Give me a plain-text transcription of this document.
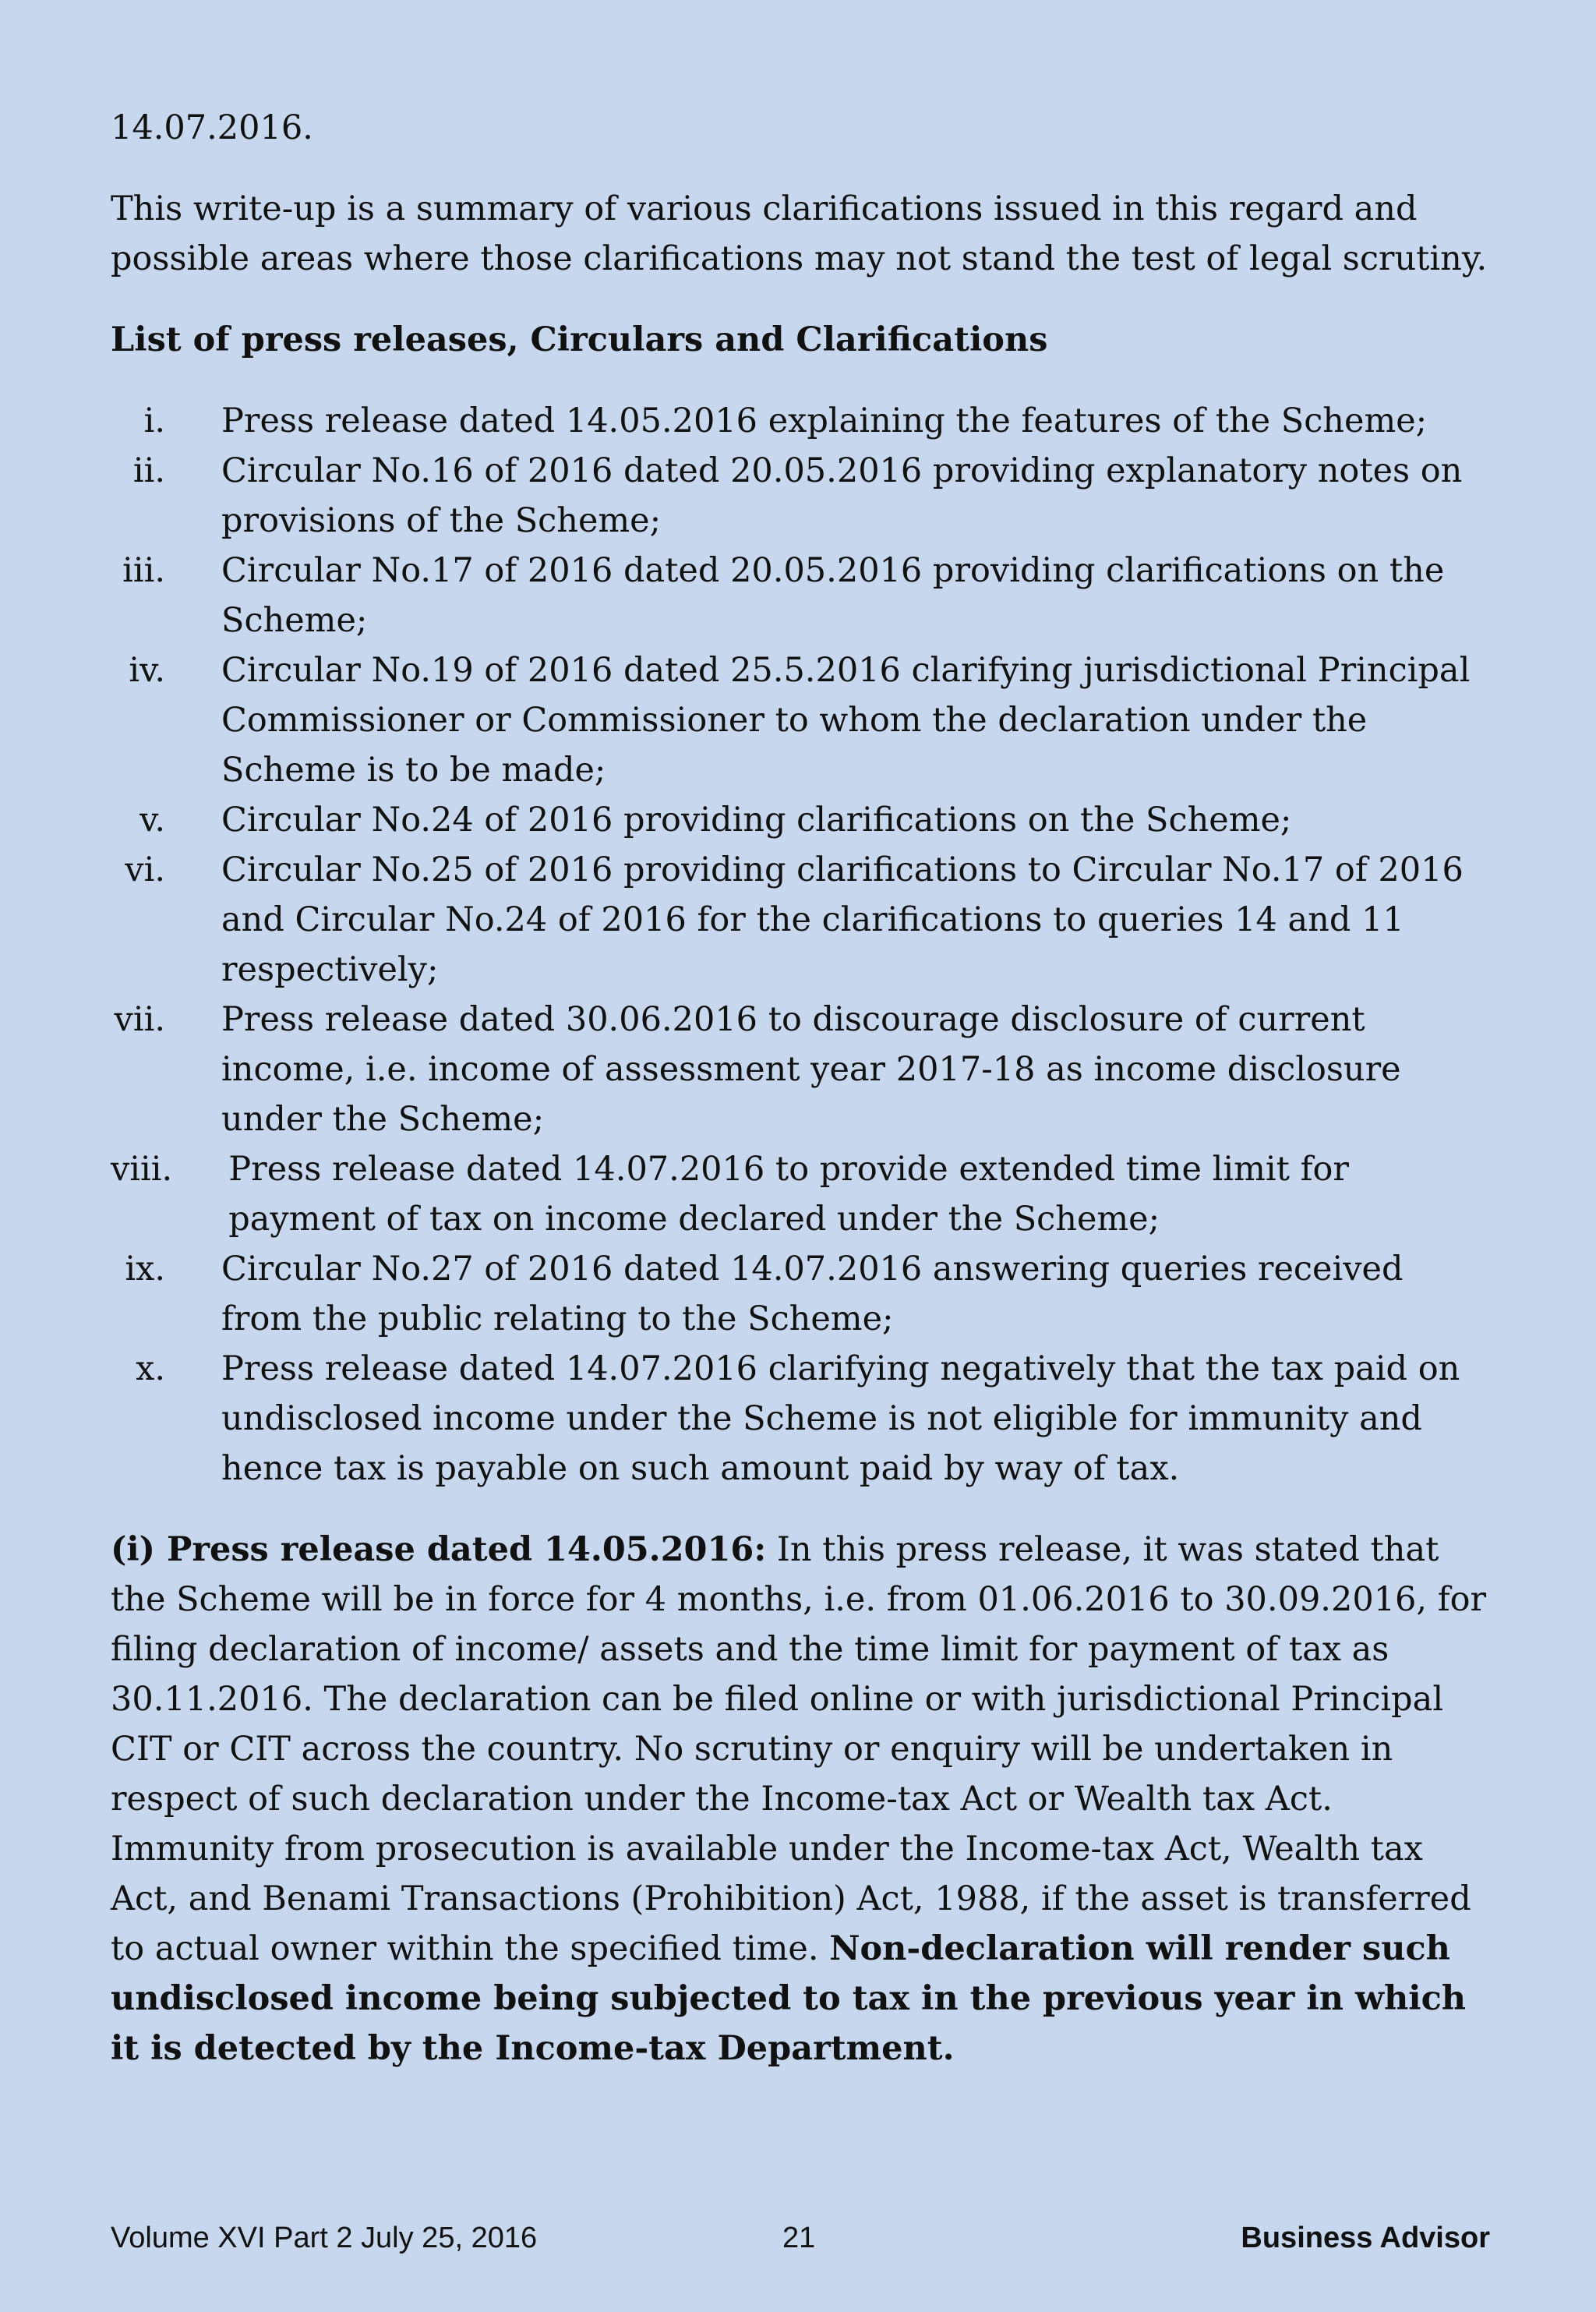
14.07.2016.

This write-up is a summary of various clarifications issued in this regard and possible areas where those clarifications may not stand the test of legal scrutiny.

List of press releases, Circulars and Clarifications

i. Press release dated 14.05.2016 explaining the features of the Scheme;
ii. Circular No.16 of 2016 dated 20.05.2016 providing explanatory notes on provisions of the Scheme;
iii. Circular No.17 of 2016 dated 20.05.2016 providing clarifications on the Scheme;
iv. Circular No.19 of 2016 dated 25.5.2016 clarifying jurisdictional Principal Commissioner or Commissioner to whom the declaration under the Scheme is to be made;
v. Circular No.24 of 2016 providing clarifications on the Scheme;
vi. Circular No.25 of 2016 providing clarifications to Circular No.17 of 2016 and Circular No.24 of 2016 for the clarifications to queries 14 and 11 respectively;
vii. Press release dated 30.06.2016 to discourage disclosure of current income, i.e. income of assessment year 2017-18 as income disclosure under the Scheme;
viii. Press release dated 14.07.2016 to provide extended time limit for payment of tax on income declared under the Scheme;
ix. Circular No.27 of 2016 dated 14.07.2016 answering queries received from the public relating to the Scheme;
x. Press release dated 14.07.2016 clarifying negatively that the tax paid on undisclosed income under the Scheme is not eligible for immunity and hence tax is payable on such amount paid by way of tax.

(i) Press release dated 14.05.2016: In this press release, it was stated that the Scheme will be in force for 4 months, i.e. from 01.06.2016 to 30.09.2016, for filing declaration of income/ assets and the time limit for payment of tax as 30.11.2016. The declaration can be filed online or with jurisdictional Principal CIT or CIT across the country. No scrutiny or enquiry will be undertaken in respect of such declaration under the Income-tax Act or Wealth tax Act. Immunity from prosecution is available under the Income-tax Act, Wealth tax Act, and Benami Transactions (Prohibition) Act, 1988, if the asset is transferred to actual owner within the specified time. Non-declaration will render such undisclosed income being subjected to tax in the previous year in which it is detected by the Income-tax Department.

Volume XVI Part 2 July 25, 2016	21	Business Advisor
